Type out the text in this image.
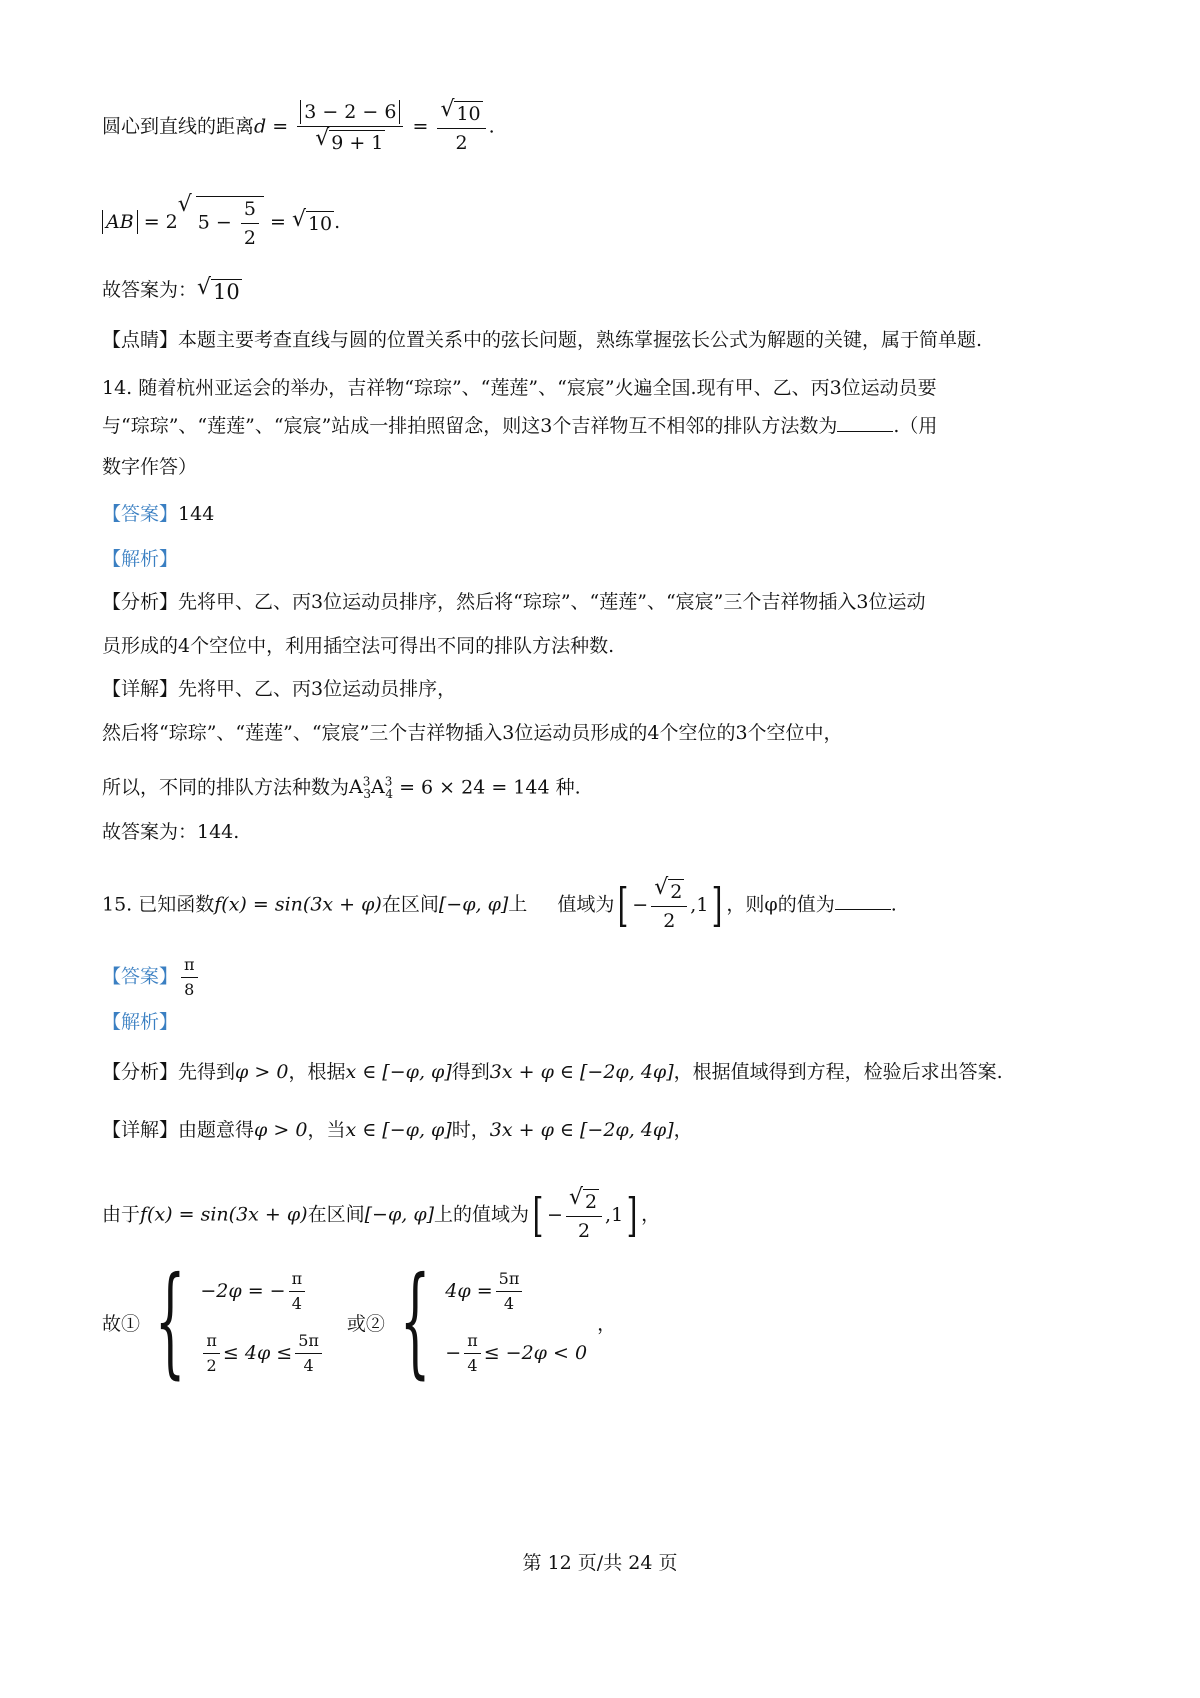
圆心到直线的距离d = 3 − 2 − 6
√ 9 + 1 = √ $\frac{10}{2}$ .
AB = 2 √ $5 - \frac{5}{2}$ = √ 10 .
故答案为： √ 10
【点睛】本题主要考查直线与圆的位置关系中的弦长问题，熟练掌握弦长公式为解题的关键，属于简单题.
14. 随着杭州亚运会的举办，吉祥物“琮琮”、“莲莲”、“宸宸”火遍全国.现有甲、乙、丙3位运动员要
与“琮琮”、“莲莲”、“宸宸”站成一排拍照留念，则这3个吉祥物互不相邻的排队方法数为	.（用
数字作答）
【答案】144
【解析】
【分析】先将甲、乙、丙3位运动员排序，然后将“琮琮”、“莲莲”、“宸宸”三个吉祥物插入3位运动
员形成的4个空位中，利用插空法可得出不同的排队方法种数.
【详解】先将甲、乙、丙3位运动员排序，
然后将“琮琮”、“莲莲”、“宸宸”三个吉祥物插入3位运动员形成的4个空位的3个空位中，
所以，不同的排队方法种数为$A^3_3A^3_4 = 6 \times 24 = 144$ 种.
故答案为：144.
15. 已知函数f(x) = sin(3x + φ)在区间[−φ, φ]上 值域为 [ − √ $\frac{2}{2} ,1$ ] ，则φ的值为	.
【答案】 $\frac{\pi}{8}$
【解析】
【分析】先得到φ > 0，根据x ∈ [−φ, φ]得到3x + φ ∈ [−2φ, 4φ]，根据值域得到方程，检验后求出答案.
【详解】由题意得φ > 0，当x ∈ [−φ, φ]时，3x + φ ∈ [−2φ, 4φ]，
由于f(x) = sin(3x + φ)在区间[−φ, φ]上的值域为 [ − √ $\frac{2}{2} ,1$ ] ，
故① { −2φ = − $\frac{\pi}{4}$
$\frac{\pi}{2} \le 4\varphi \le \frac{5\pi}{4}$
或② { $4\varphi = \frac{5\pi}{4}$
− $\frac{\pi}{4} \le -2\varphi < 0$
，
第 12 页/共 24 页
